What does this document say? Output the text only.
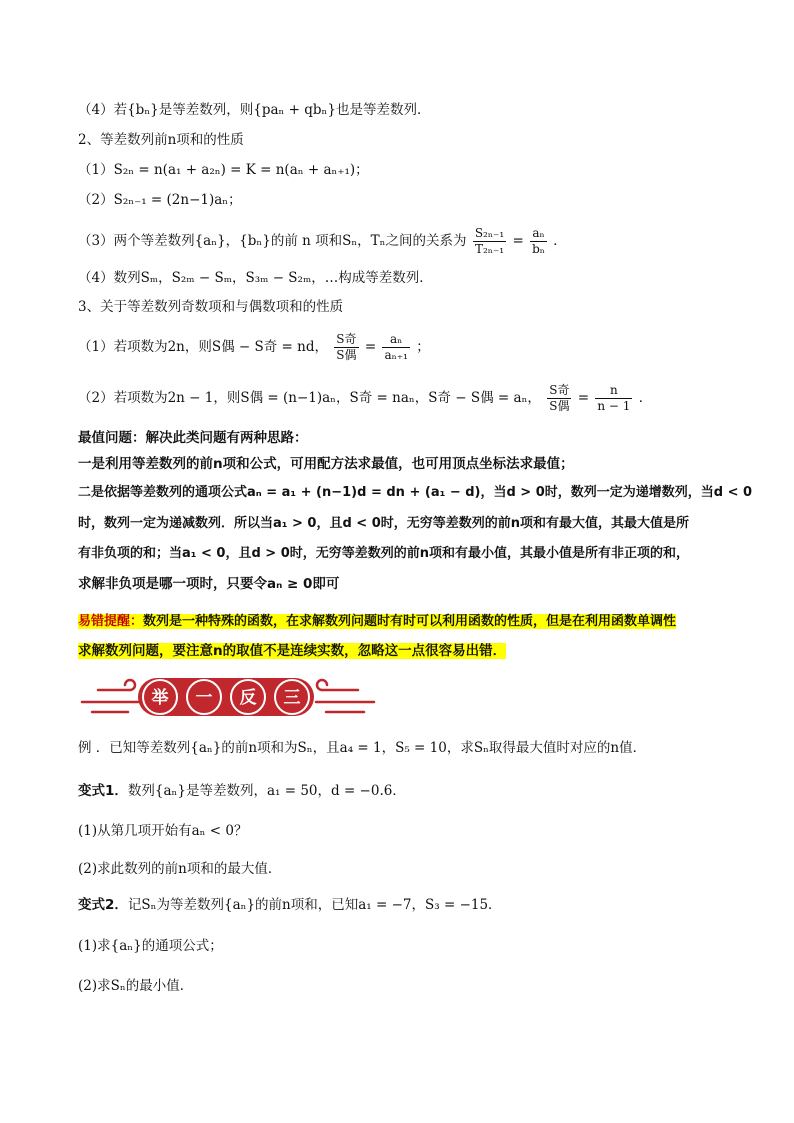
（4）若{bₙ}是等差数列，则{paₙ + qbₙ}也是等差数列．
2、等差数列前n项和的性质
（1）S₂ₙ = n(a₁ + a₂ₙ) = K = n(aₙ + aₙ₊₁)；
（2）S₂ₙ₋₁ = (2n−1)aₙ；
（3）两个等差数列{aₙ}，{bₙ}的前 n 项和Sₙ，Tₙ之间的关系为 $\frac{\text{S₂ₙ₋₁}}{\text{T₂ₙ₋₁}} = \frac{\text{aₙ}}{\text{bₙ}}$ ．
（4）数列Sₘ，S₂ₘ − Sₘ，S₃ₘ − S₂ₘ，…构成等差数列．
3、关于等差数列奇数项和与偶数项和的性质
（1）若项数为2n，则S偶 − S奇 = nd， $\frac{\text{S奇}}{\text{S偶}} = \frac{\text{aₙ}}{\text{aₙ₊₁}}$ ；
（2）若项数为2n − 1，则S偶 = (n−1)aₙ，S奇 = naₙ，S奇 − S偶 = aₙ， $\frac{\text{S奇}}{\text{S偶}} = \frac{n}{n - 1}$ ．
最值问题：解决此类问题有两种思路：
一是利用等差数列的前n项和公式，可用配方法求最值，也可用顶点坐标法求最值；
二是依据等差数列的通项公式aₙ = a₁ + (n−1)d = dn + (a₁ − d)，当d > 0时，数列一定为递增数列，当d < 0
时，数列一定为递减数列．所以当a₁ > 0，且d < 0时，无穷等差数列的前n项和有最大值，其最大值是所
有非负项的和；当a₁ < 0，且d > 0时，无穷等差数列的前n项和有最小值，其最小值是所有非正项的和，
求解非负项是哪一项时，只要令aₙ ≥ 0即可
易错提醒：数列是一种特殊的函数，在求解数列问题时有时可以利用函数的性质，但是在利用函数单调性
求解数列问题，要注意n的取值不是连续实数，忽略这一点很容易出错．
举 一 反 三
例 ．已知等差数列{aₙ}的前n项和为Sₙ，且a₄ = 1，S₅ = 10，求Sₙ取得最大值时对应的n值．
变式1．数列{aₙ}是等差数列，a₁ = 50，d = −0.6．
(1)从第几项开始有aₙ < 0？
(2)求此数列的前n项和的最大值．
变式2．记Sₙ为等差数列{aₙ}的前n项和，已知a₁ = −7，S₃ = −15．
(1)求{aₙ}的通项公式；
(2)求Sₙ的最小值．
